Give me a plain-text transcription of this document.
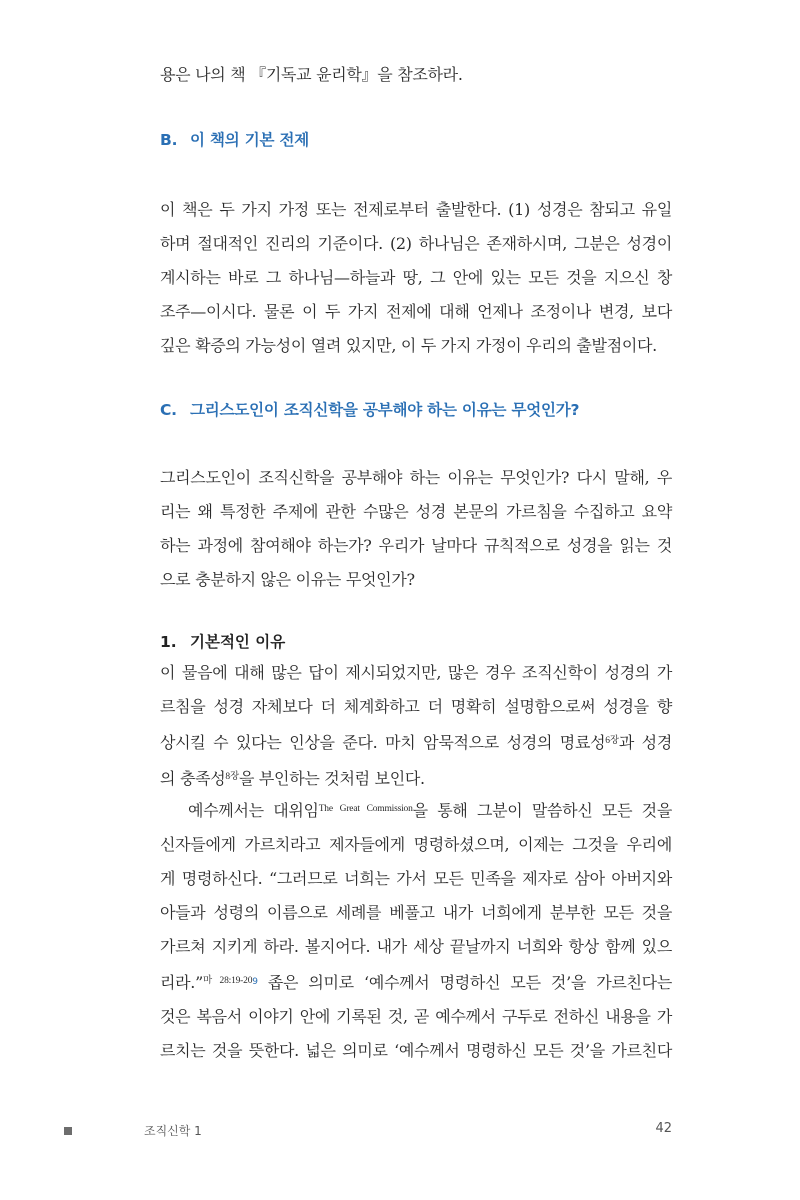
용은 나의 책 『기독교 윤리학』을 참조하라.

B. 이 책의 기본 전제

이 책은 두 가지 가정 또는 전제로부터 출발한다. (1) 성경은 참되고 유일
하며 절대적인 진리의 기준이다. (2) 하나님은 존재하시며, 그분은 성경이
계시하는 바로 그 하나님—하늘과 땅, 그 안에 있는 모든 것을 지으신 창
조주—이시다. 물론 이 두 가지 전제에 대해 언제나 조정이나 변경, 보다
깊은 확증의 가능성이 열려 있지만, 이 두 가지 가정이 우리의 출발점이다.

C. 그리스도인이 조직신학을 공부해야 하는 이유는 무엇인가?

그리스도인이 조직신학을 공부해야 하는 이유는 무엇인가? 다시 말해, 우
리는 왜 특정한 주제에 관한 수많은 성경 본문의 가르침을 수집하고 요약
하는 과정에 참여해야 하는가? 우리가 날마다 규칙적으로 성경을 읽는 것
으로 충분하지 않은 이유는 무엇인가?

1. 기본적인 이유

이 물음에 대해 많은 답이 제시되었지만, 많은 경우 조직신학이 성경의 가
르침을 성경 자체보다 더 체계화하고 더 명확히 설명함으로써 성경을 향
상시킬 수 있다는 인상을 준다. 마치 암묵적으로 성경의 명료성$^{6장}$과 성경
의 충족성$^{8장}$을 부인하는 것처럼 보인다.

예수께서는 대위임$^{The Great Commission}$을 통해 그분이 말씀하신 모든 것을
신자들에게 가르치라고 제자들에게 명령하셨으며, 이제는 그것을 우리에
게 명령하신다. “그러므로 너희는 가서 모든 민족을 제자로 삼아 아버지와
아들과 성령의 이름으로 세례를 베풀고 내가 너희에게 분부한 모든 것을
가르쳐 지키게 하라. 볼지어다. 내가 세상 끝날까지 너희와 항상 함께 있으
리라.”$^{마 28:19-209}$ 좁은 의미로 ‘예수께서 명령하신 모든 것’을 가르친다는
것은 복음서 이야기 안에 기록된 것, 곧 예수께서 구두로 전하신 내용을 가
르치는 것을 뜻한다. 넓은 의미로 ‘예수께서 명령하신 모든 것’을 가르친다

조직신학 1	42
